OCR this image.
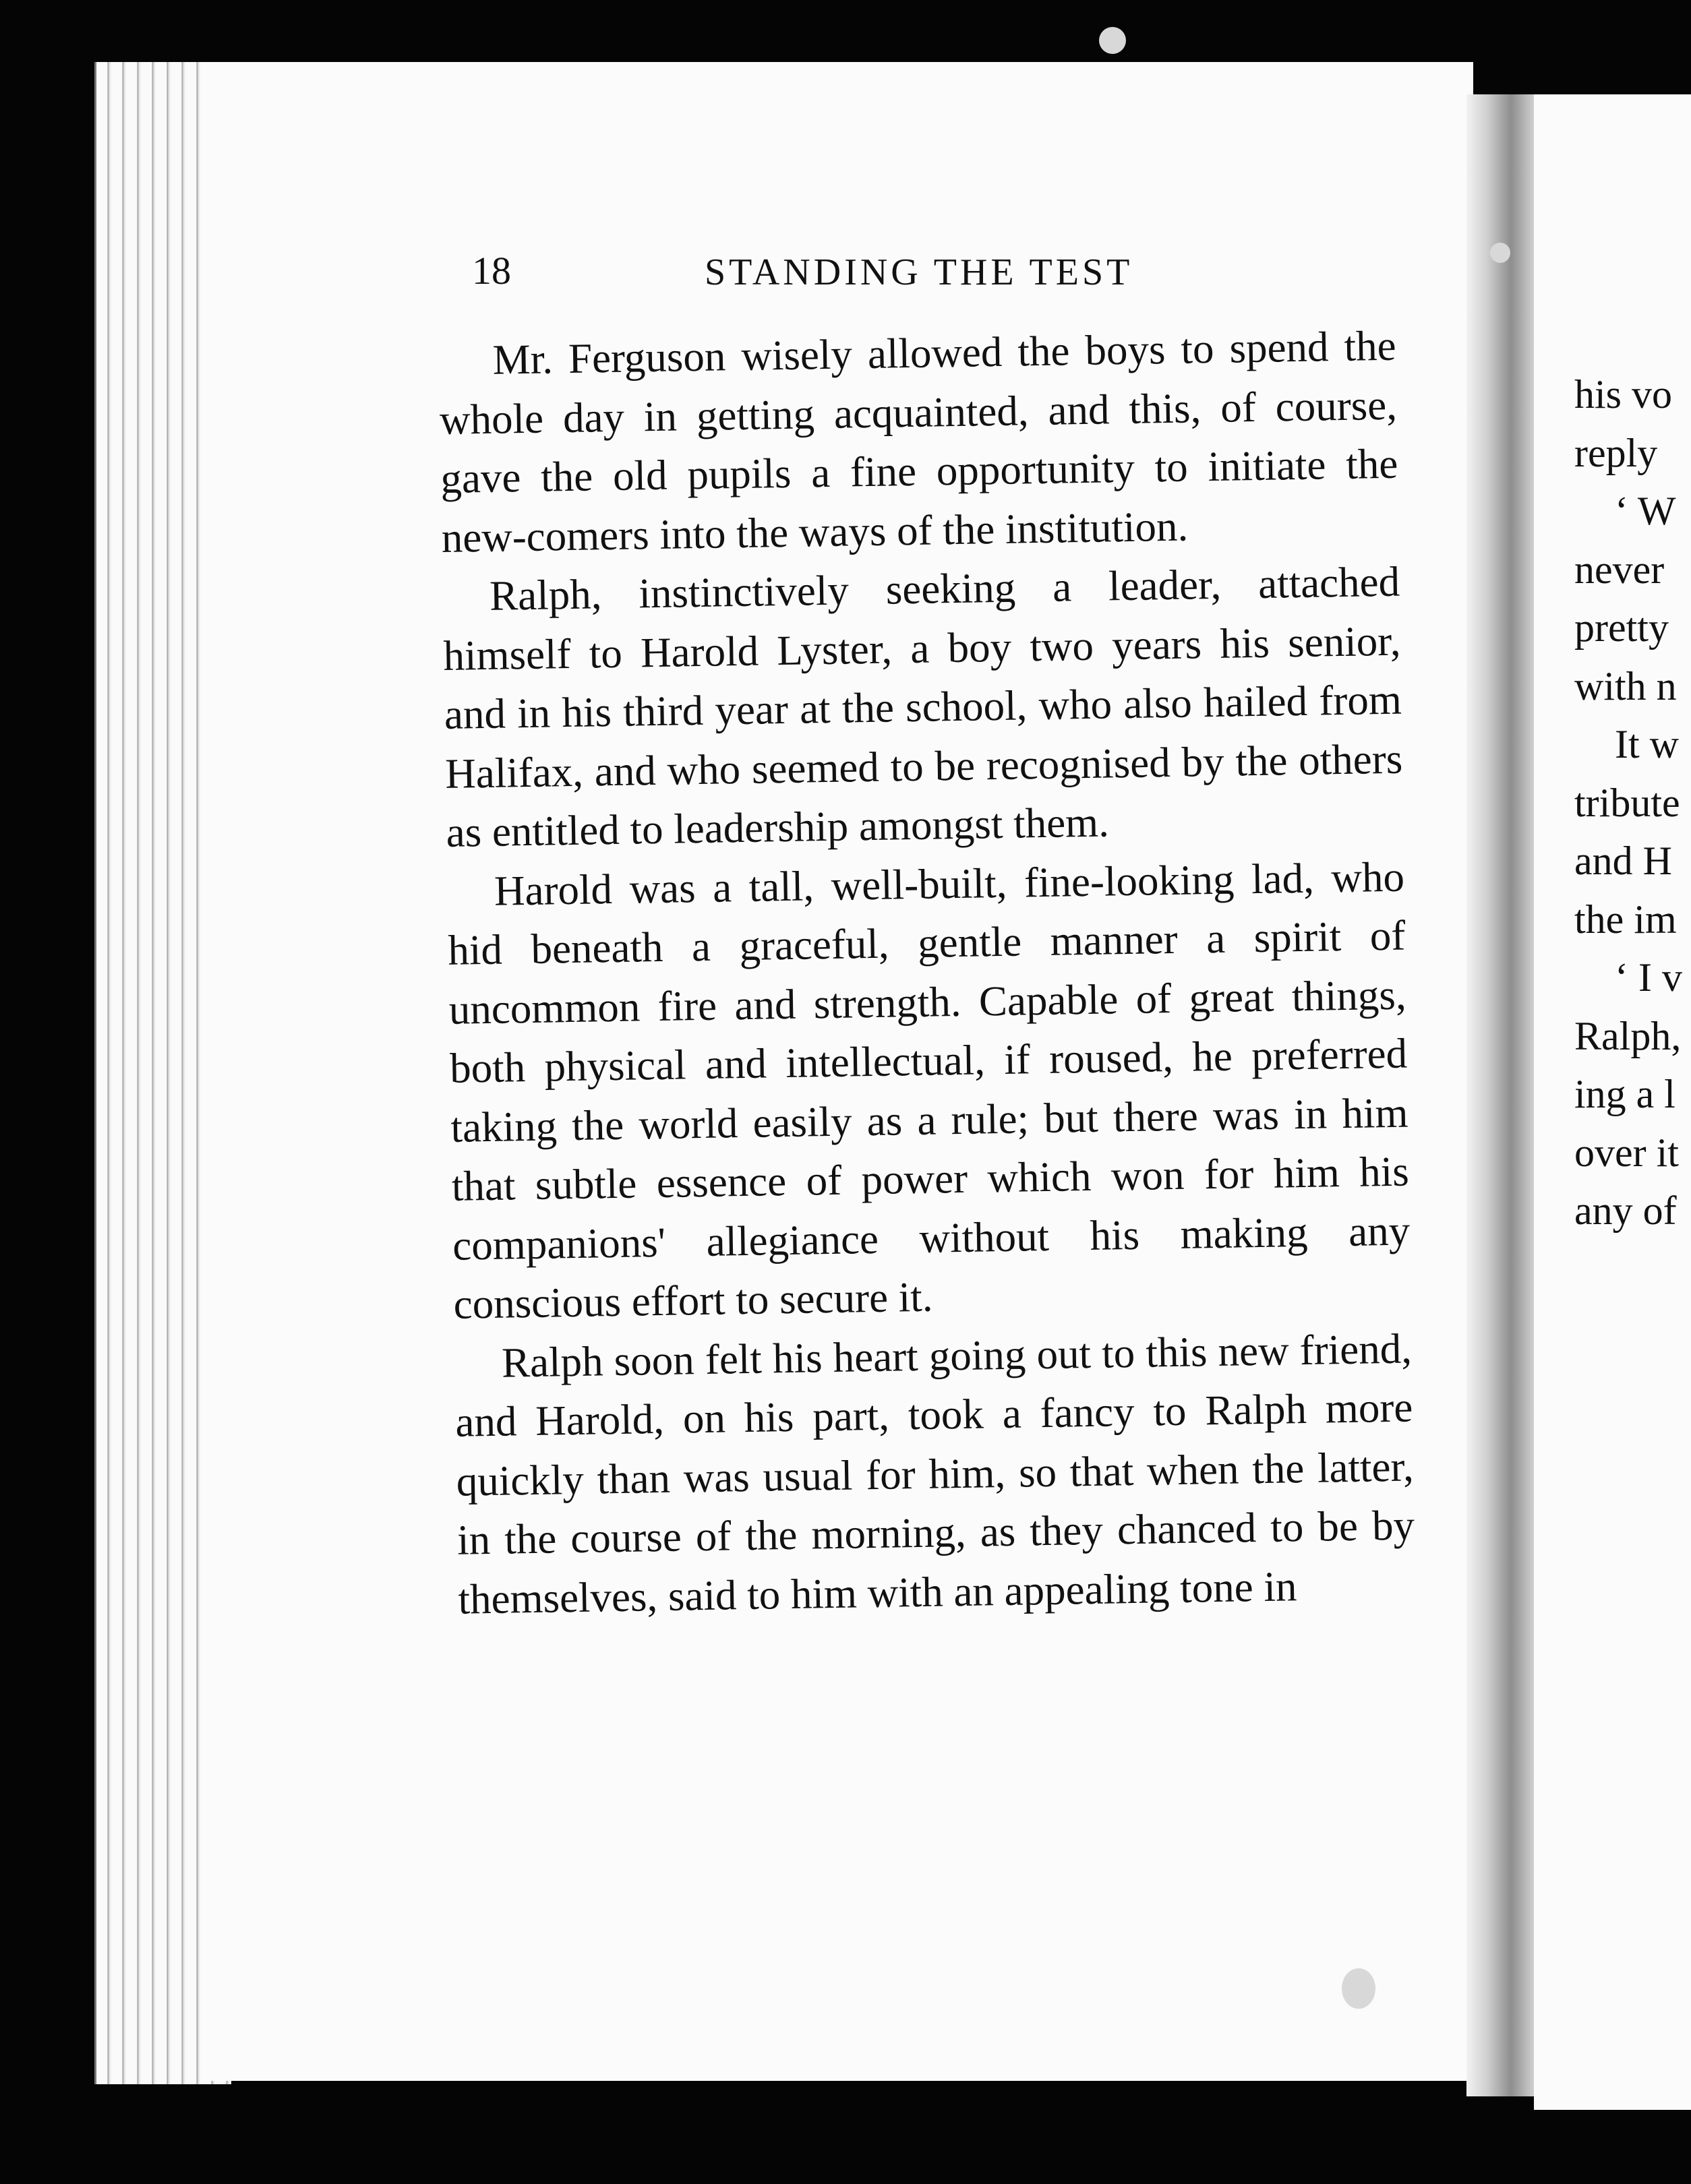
18	STANDING THE TEST

Mr. Ferguson wisely allowed the boys to spend the whole day in getting acquainted, and this, of course, gave the old pupils a fine opportunity to initiate the new-comers into the ways of the institution.

Ralph, instinctively seeking a leader, attached himself to Harold Lyster, a boy two years his senior, and in his third year at the school, who also hailed from Halifax, and who seemed to be recognised by the others as entitled to leadership amongst them.

Harold was a tall, well-built, fine-looking lad, who hid beneath a graceful, gentle manner a spirit of uncommon fire and strength. Capable of great things, both physical and intellectual, if roused, he preferred taking the world easily as a rule; but there was in him that subtle essence of power which won for him his companions' allegiance without his making any conscious effort to secure it.

Ralph soon felt his heart going out to this new friend, and Harold, on his part, took a fancy to Ralph more quickly than was usual for him, so that when the latter, in the course of the morning, as they chanced to be by themselves, said to him with an appealing tone in

his vo
reply
‘ W
never
pretty
with n
It w
tribute
and H
the im
‘ I v
Ralph,
ing a l
over it
any of
